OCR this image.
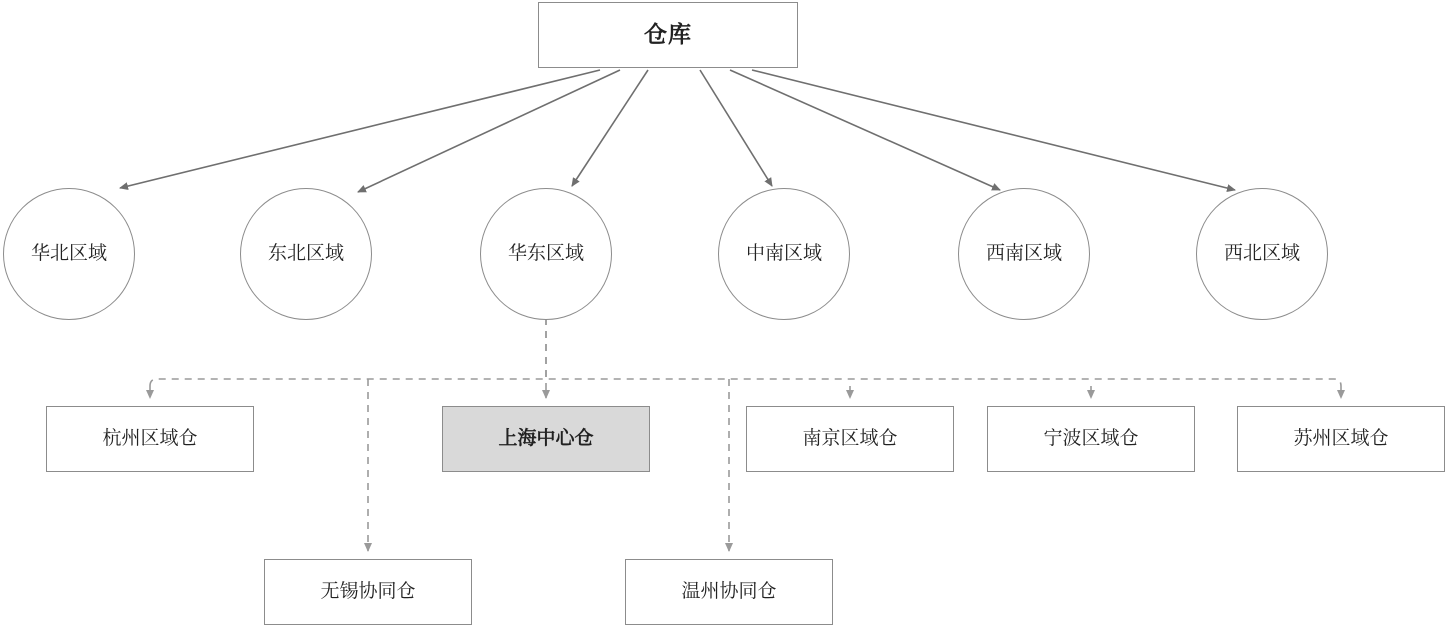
仓库
华北区域	东北区域	华东区域	中南区域	西南区域	西北区域
杭州区域仓	上海中心仓	南京区域仓	宁波区域仓	苏州区域仓
无锡协同仓	温州协同仓
